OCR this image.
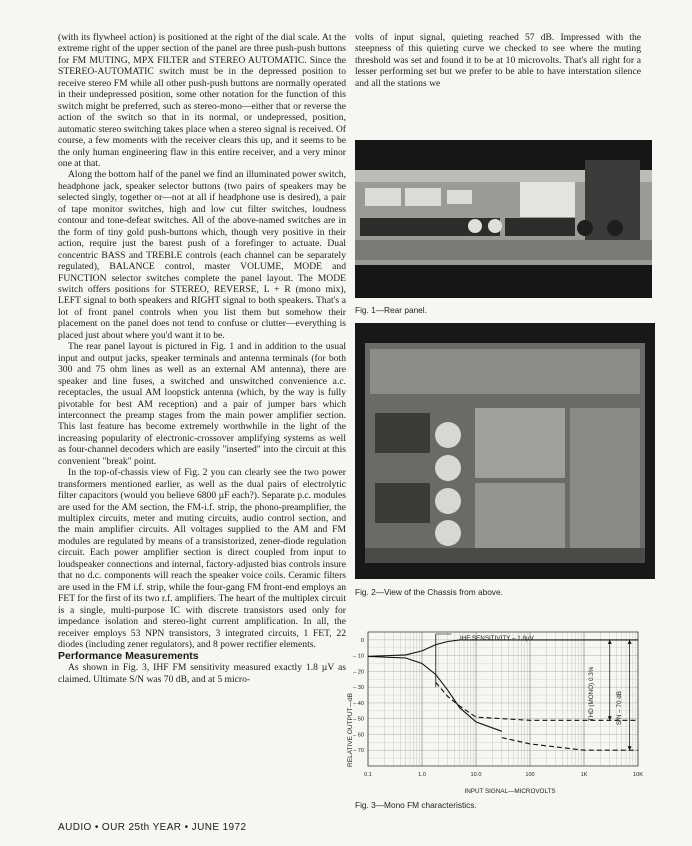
(with its flywheel action) is positioned at the right of the dial scale. At the extreme right of the upper section of the panel are three push-push buttons for FM MUTING, MPX FILTER and STEREO AUTOMATIC. Since the STEREO-AUTOMATIC switch must be in the depressed position to receive stereo FM while all other push-push buttons are normally operated in their undepressed position, some other notation for the function of this switch might be preferred, such as stereo-mono—either that or reverse the action of the switch so that in its normal, or undepressed, position, automatic stereo switching takes place when a stereo signal is received. Of course, a few moments with the receiver clears this up, and it seems to be the only human engineering flaw in this entire receiver, and a very minor one at that.

Along the bottom half of the panel we find an illuminated power switch, headphone jack, speaker selector buttons (two pairs of speakers may be selected singly, together or—not at all if headphone use is desired), a pair of tape monitor switches, high and low cut filter switches, loudness contour and tone-defeat switches. All of the above-named switches are in the form of tiny gold push-buttons which, though very positive in their action, require just the barest push of a forefinger to actuate. Dual concentric BASS and TREBLE controls (each channel can be separately regulated), BALANCE control, master VOLUME, MODE and FUNCTION selector switches complete the panel layout. The MODE switch offers positions for STEREO, REVERSE, L + R (mono mix), LEFT signal to both speakers and RIGHT signal to both speakers. That's a lot of front panel controls when you list them but somehow their placement on the panel does not tend to confuse or clutter—everything is placed just about where you'd want it to be.

The rear panel layout is pictured in Fig. 1 and in addition to the usual input and output jacks, speaker terminals and antenna terminals (for both 300 and 75 ohm lines as well as an external AM antenna), there are speaker and line fuses, a switched and unswitched convenience a.c. receptacles, the usual AM loopstick antenna (which, by the way is fully pivotable for best AM reception) and a pair of jumper bars which interconnect the preamp stages from the main power amplifier section. This last feature has become extremely worthwhile in the light of the increasing popularity of electronic-crossover amplifying systems as well as four-channel decoders which are easily "inserted" into the circuit at this convenient "break" point.

In the top-of-chassis view of Fig. 2 you can clearly see the two power transformers mentioned earlier, as well as the dual pairs of electrolytic filter capacitors (would you believe 6800 µF each?). Separate p.c. modules are used for the AM section, the FM-i.f. strip, the phono-preamplifier, the multiplex circuits, meter and muting circuits, audio control section, and the main amplifier circuits. All voltages supplied to the AM and FM modules are regulated by means of a transistorized, zener-diode regulation circuit. Each power amplifier section is direct coupled from input to loudspeaker connections and internal, factory-adjusted bias controls insure that no d.c. components will reach the speaker voice coils. Ceramic filters are used in the FM i.f. strip, while the four-gang FM front-end employs an FET for the first of its two r.f. amplifiers. The heart of the multiplex circuit is a single, multi-purpose IC with discrete transistors used only for impedance isolation and stereo-light current amplification. In all, the receiver employs 53 NPN transistors, 3 integrated circuits, 1 FET, 22 diodes (including zener regulators), and 8 power rectifier elements.

Performance Measurements

As shown in Fig. 3, IHF FM sensitivity measured exactly 1.8 µV as claimed. Ultimate S/N was 70 dB, and at 5 micro-

volts of input signal, quieting reached 57 dB. Impressed with the steepness of this quieting curve we checked to see where the muting threshold was set and found it to be at 10 microvolts. That's all right for a lesser performing set but we prefer to be able to have interstation silence and all the stations we

Fig. 1—Rear panel.
Fig. 2—View of the Chassis from above.
0
– 10
– 20
– 30
– 40
– 50
– 60
– 70
0.1	1.0	10.0	100	1K	10K
RELATIVE OUTPUT—dB
INPUT SIGNAL—MICROVOLTS
IHF SENSITIVITY – 1.8µV
THD (MONO) 0.3%	S/N – 70 dB
Fig. 3—Mono FM characteristics.
AUDIO • OUR 25th YEAR • JUNE 1972
